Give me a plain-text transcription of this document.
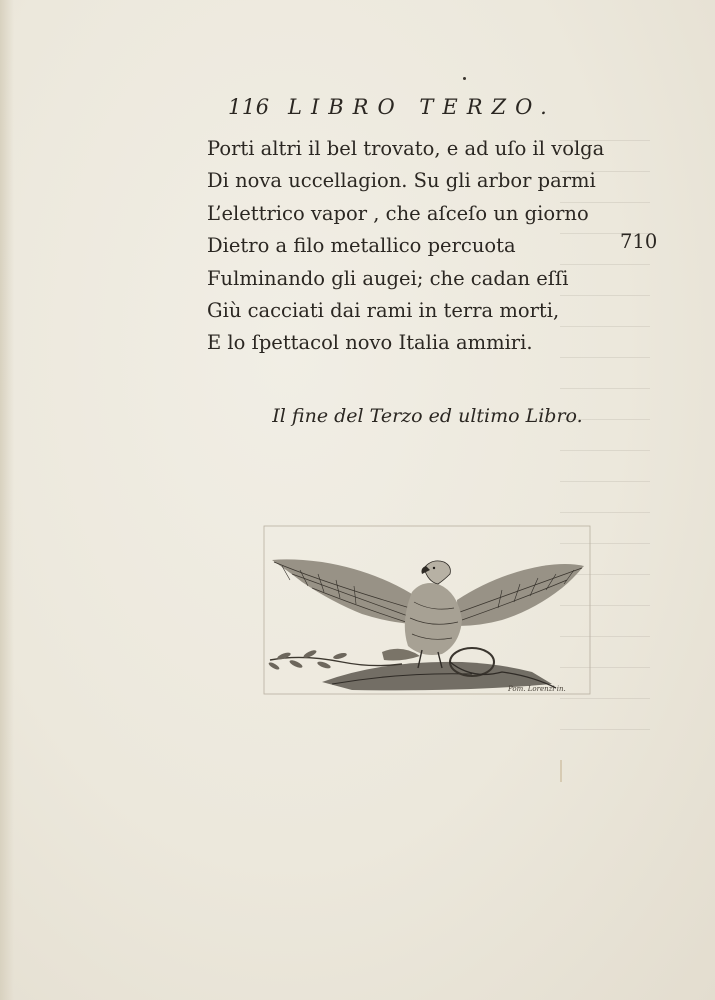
116 LIBRO TERZO.
Porti altri il bel trovato, e ad uſo il volga
Di nova uccellagion. Su gli arbor parmi
L’elettrico vapor , che aſceſo un giorno
Dietro a filo metallico percuota
Fulminando gli augei; che cadan eſſi
Giù cacciati dai rami in terra morti,
E lo ſpettacol novo Italia ammiri.
710
Il fine del Terzo ed ultimo Libro.
Pom. Lorenzi in.
